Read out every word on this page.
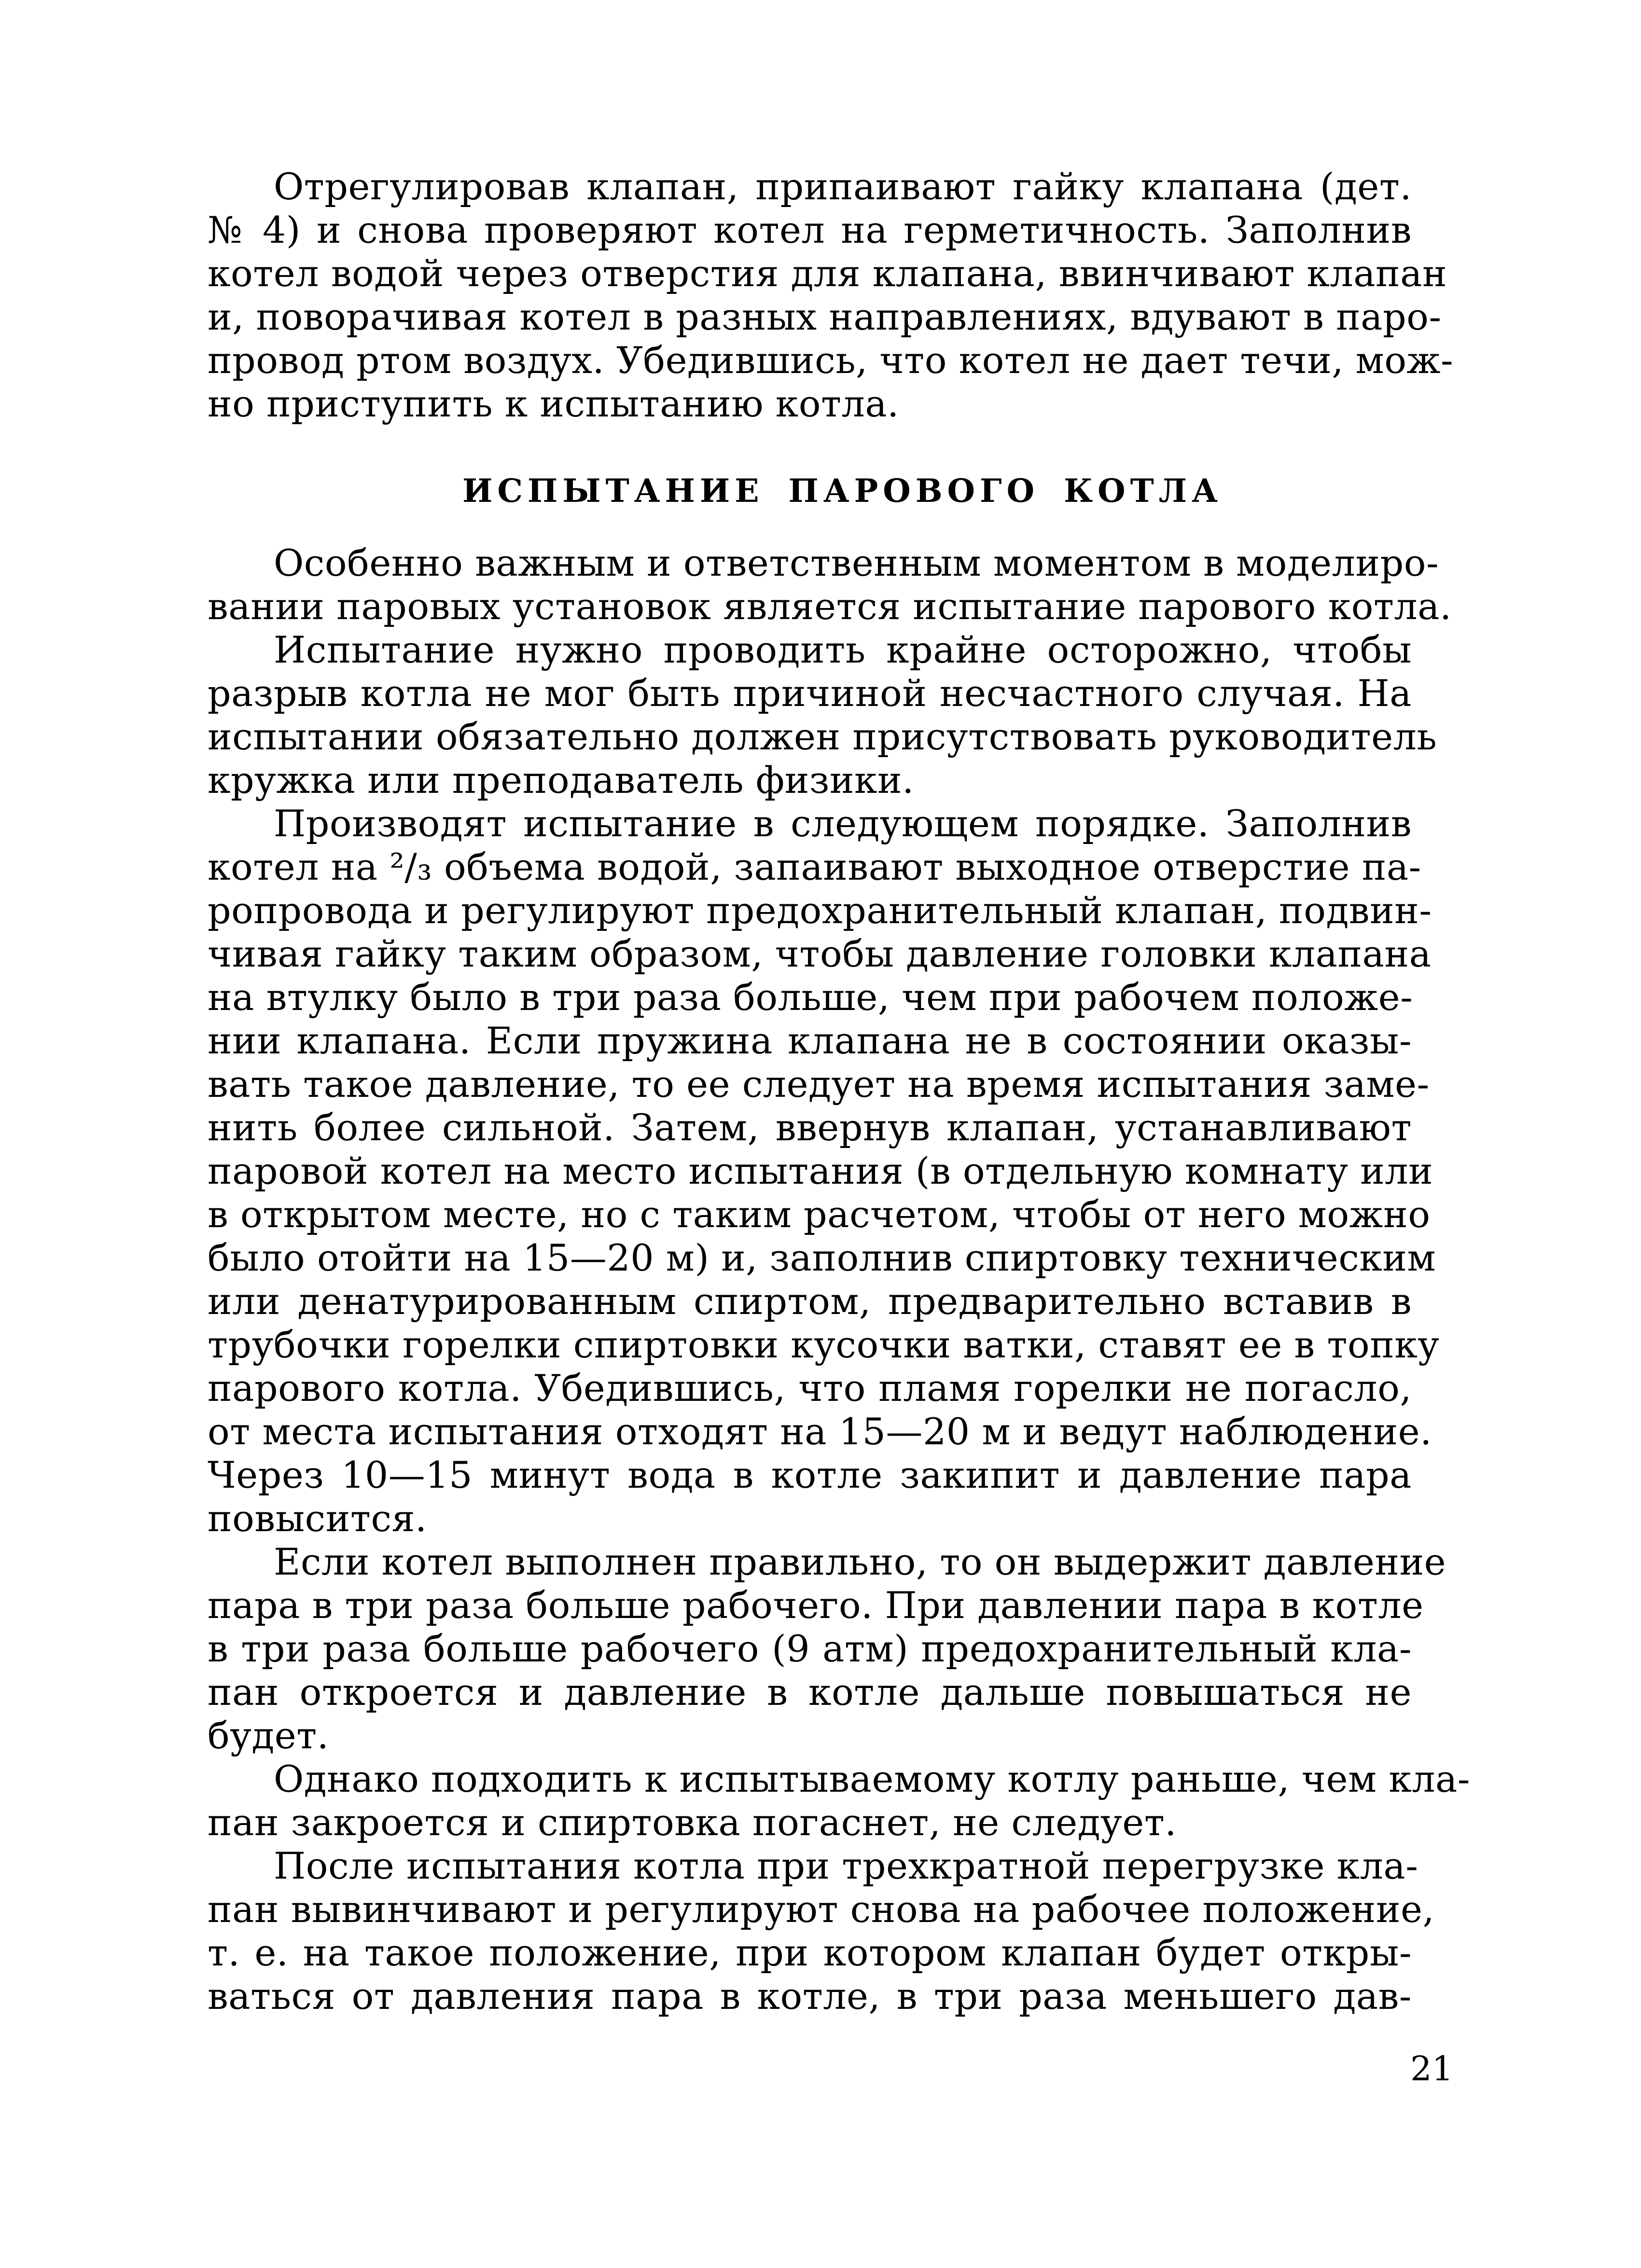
Отрегулировав клапан, припаивают гайку клапана (дет.
№ 4) и снова проверяют котел на герметичность. Заполнив
котел водой через отверстия для клапана, ввинчивают клапан
и, поворачивая котел в разных направлениях, вдувают в паро-
провод ртом воздух. Убедившись, что котел не дает течи, мож-
но приступить к испытанию котла.
ИСПЫТАНИЕ ПАРОВОГО КОТЛА
Особенно важным и ответственным моментом в моделиро-
вании паровых установок является испытание парового котла.
Испытание нужно проводить крайне осторожно, чтобы
разрыв котла не мог быть причиной несчастного случая. На
испытании обязательно должен присутствовать руководитель
кружка или преподаватель физики.
Производят испытание в следующем порядке. Заполнив
котел на ²/₃ объема водой, запаивают выходное отверстие па-
ропровода и регулируют предохранительный клапан, подвин-
чивая гайку таким образом, чтобы давление головки клапана
на втулку было в три раза больше, чем при рабочем положе-
нии клапана. Если пружина клапана не в состоянии оказы-
вать такое давление, то ее следует на время испытания заме-
нить более сильной. Затем, ввернув клапан, устанавливают
паровой котел на место испытания (в отдельную комнату или
в открытом месте, но с таким расчетом, чтобы от него можно
было отойти на 15—20 м) и, заполнив спиртовку техническим
или денатурированным спиртом, предварительно вставив в
трубочки горелки спиртовки кусочки ватки, ставят ее в топку
парового котла. Убедившись, что пламя горелки не погасло,
от места испытания отходят на 15—20 м и ведут наблюдение.
Через 10—15 минут вода в котле закипит и давление пара
повысится.
Если котел выполнен правильно, то он выдержит давление
пара в три раза больше рабочего. При давлении пара в котле
в три раза больше рабочего (9 атм) предохранительный кла-
пан откроется и давление в котле дальше повышаться не
будет.
Однако подходить к испытываемому котлу раньше, чем кла-
пан закроется и спиртовка погаснет, не следует.
После испытания котла при трехкратной перегрузке кла-
пан вывинчивают и регулируют снова на рабочее положение,
т. е. на такое положение, при котором клапан будет откры-
ваться от давления пара в котле, в три раза меньшего дав-
21
